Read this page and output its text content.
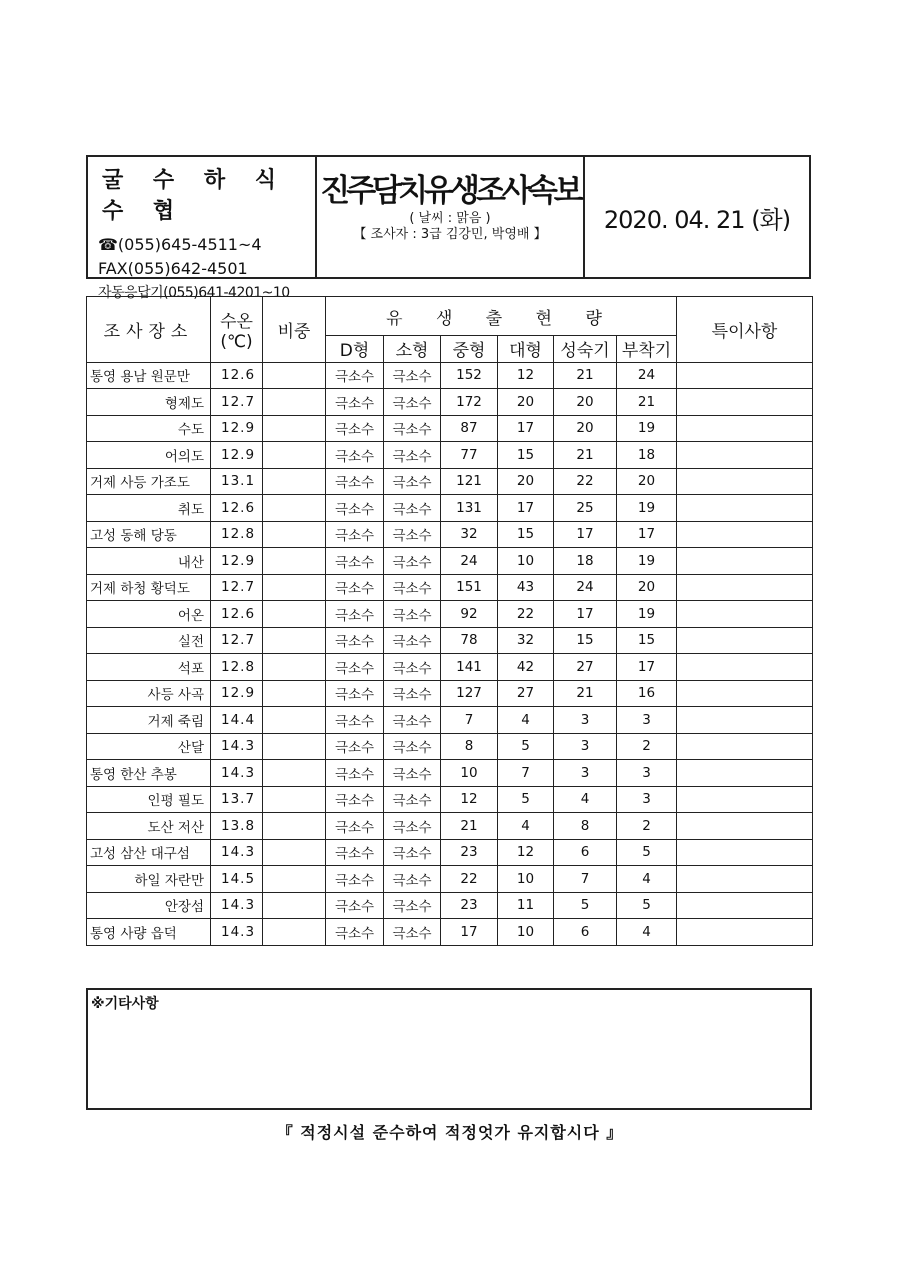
굴 수 하 식 수 협
☎(055)645-4511~4
FAX(055)642-4501
자동응답기(055)641-4201~10
진주담치유생조사속보
( 날씨 : 맑음 )
【 조사자 : 3급 김강민, 박영배 】
2020. 04. 21 (화)
조사장소	수온
(℃)	비중	유 생 출 현 량						특이사항
			D형	소형	중형	대형	성숙기	부착기	
통영 용남 원문만	12.6		극소수	극소수	152	12	21	24	
형제도	12.7		극소수	극소수	172	20	20	21	
수도	12.9		극소수	극소수	87	17	20	19	
어의도	12.9		극소수	극소수	77	15	21	18	
거제 사등 가조도	13.1		극소수	극소수	121	20	22	20	
취도	12.6		극소수	극소수	131	17	25	19	
고성 동해 당동	12.8		극소수	극소수	32	15	17	17	
내산	12.9		극소수	극소수	24	10	18	19	
거제 하청 황덕도	12.7		극소수	극소수	151	43	24	20	
어온	12.6		극소수	극소수	92	22	17	19	
실전	12.7		극소수	극소수	78	32	15	15	
석포	12.8		극소수	극소수	141	42	27	17	
사등 사곡	12.9		극소수	극소수	127	27	21	16	
거제 죽림	14.4		극소수	극소수	7	4	3	3	
산달	14.3		극소수	극소수	8	5	3	2	
통영 한산 추봉	14.3		극소수	극소수	10	7	3	3	
인평 필도	13.7		극소수	극소수	12	5	4	3	
도산 저산	13.8		극소수	극소수	21	4	8	2	
고성 삼산 대구섬	14.3		극소수	극소수	23	12	6	5	
하일 자란만	14.5		극소수	극소수	22	10	7	4	
안장섬	14.3		극소수	극소수	23	11	5	5	
통영 사량 읍덕	14.3		극소수	극소수	17	10	6	4	
※기타사항
『 적정시설 준수하여 적정엇가 유지합시다 』
